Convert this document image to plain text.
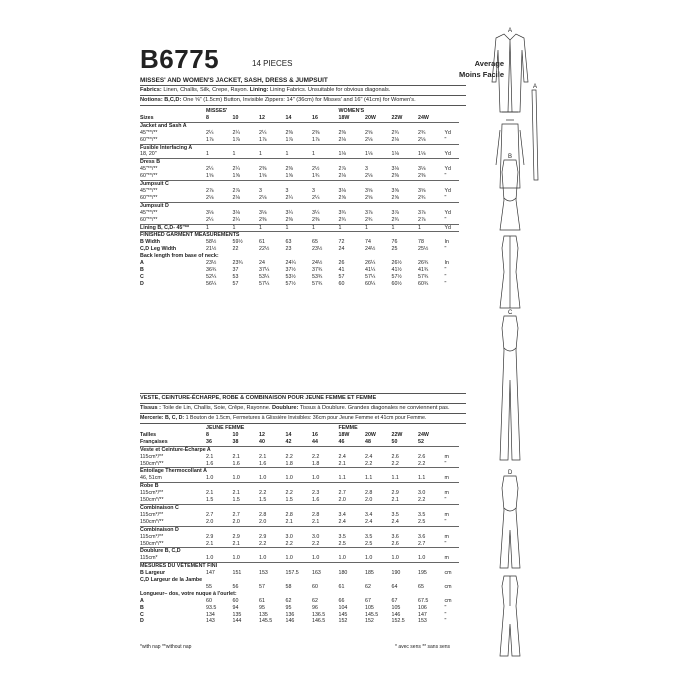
B6775	14 PIECES	Average
Moins Facile
MISSES' AND WOMEN'S JACKET, SASH, DRESS & JUMPSUIT
Fabrics: Linen, Challis, Silk, Crepe, Rayon. Lining: Lining Fabrics. Unsuitable for obvious diagonals.
Notions: B,C,D: One ⅝" (1.5cm) Button, Invisible Zippers: 14" (36cm) for Misses' and 16" (41cm) for Women's.
	MISSES'					WOMEN'S				
Sizes	8	10	12	14	16	18W	20W	22W	24W	
Jacket and Sash A										
45"**/**	2¼	2¼	2¼	2⅜	2⅜	2⅜	2⅝	2¾	2¾	Yd
60"**/**	1⅞	1⅞	1⅞	1⅞	1⅞	2⅛	2⅛	2⅛	2⅛	"
Fusible Interfacing A										
18, 20"	1	1	1	1	1	1⅛	1⅛	1⅛	1⅛	Yd
Dress B										
45"**/**	2¼	2¼	2⅜	2⅜	2½	2⅞	3	3⅛	3⅛	Yd
60"**/**	1⅝	1⅝	1⅝	1⅝	1¾	2⅛	2⅛	2⅜	2⅜	"
Jumpsuit C										
45"**/**	2⅞	2⅞	3	3	3	3⅛	3⅝	3⅝	3⅝	Yd
60"**/**	2⅛	2⅛	2⅛	2¼	2¼	2⅝	2⅝	2⅝	2¾	"
Jumpsuit D										
45"**/**	3⅛	3⅛	3⅛	3¼	3¼	3¾	3⅞	3⅞	3⅞	Yd
60"**/**	2¼	2¼	2⅜	2⅜	2⅜	2¾	2¾	2¾	2⅞	"
Lining B, C,D- 45"**	1	1	1	1	1	1	1	1	1	Yd
FINISHED GARMENT MEASUREMENTS										
B Width	58½	59½	61	63	65	72	74	76	78	In
C,D Leg Width	21½	22	22½	23	23½	24	24½	25	25½	"
Back length from base of neck:										
A	23½	23¾	24	24¼	24½	26	26¼	26½	26¾	In
B	36¾	37	37¼	37½	37¾	41	41¼	41½	41¾	"
C	52¼	53	53¼	53½	53¾	57	57¼	57½	57¾	"
D	56¼	57	57¼	57½	57¾	60	60¼	60½	60¾	"
VESTE, CEINTURE-ÉCHARPE, ROBE & COMBINAISON POUR JEUNE FEMME ET FEMME
Tissus : Toile de Lin, Challis, Soie, Crêpe, Rayonne. Doublure: Tissus à Doublure. Grandes diagonales ne conviennent pas.
Mercerie: B, C, D: 1 Bouton de 1.5cm, Fermetures à Glissière Invisibles: 36cm pour Jeune Femme et 41cm pour Femme.
	JEUNE FEMME					FEMME				
Tailles	8	10	12	14	16	18W	20W	22W	24W	
Françaises	36	38	40	42	44	46	48	50	52	
Veste et Ceinture-Écharpe A										
115cm*/**	2.1	2.1	2.1	2.2	2.2	2.4	2.4	2.6	2.6	m
150cm*/**	1.6	1.6	1.6	1.8	1.8	2.1	2.2	2.2	2.2	"
Entoilage Thermocollant A										
46, 51cm	1.0	1.0	1.0	1.0	1.0	1.1	1.1	1.1	1.1	m
Robe B										
115cm*/**	2.1	2.1	2.2	2.2	2.3	2.7	2.8	2.9	3.0	m
150cm*/**	1.5	1.5	1.5	1.5	1.6	2.0	2.0	2.1	2.2	"
Combinaison C										
115cm*/**	2.7	2.7	2.8	2.8	2.8	3.4	3.4	3.5	3.5	m
150cm*/**	2.0	2.0	2.0	2.1	2.1	2.4	2.4	2.4	2.5	"
Combinaison D										
115cm*/**	2.9	2.9	2.9	3.0	3.0	3.5	3.5	3.6	3.6	m
150cm*/**	2.1	2.1	2.2	2.2	2.2	2.5	2.5	2.6	2.7	"
Doublure B, C,D										
115cm*	1.0	1.0	1.0	1.0	1.0	1.0	1.0	1.0	1.0	m
MESURES DU VÊTEMENT FINI										
B Largeur	147	151	153	157.5	163	180	185	190	195	cm
C,D Largeur de la Jambe										
	55	56	57	58	60	61	62	64	65	cm
Longueur– dos, votre nuque à l'ourlet:										
A	60	60	61	62	62	66	67	67	67.5	cm
B	93.5	94	95	95	96	104	105	105	106	"
C	134	135	135	136	136.5	145	145.5	146	147	"
D	143	144	145.5	146	146.5	152	152	152.5	153	"
*with nap **without nap	* avec sens ** sans sens
A
A
B
C
D
